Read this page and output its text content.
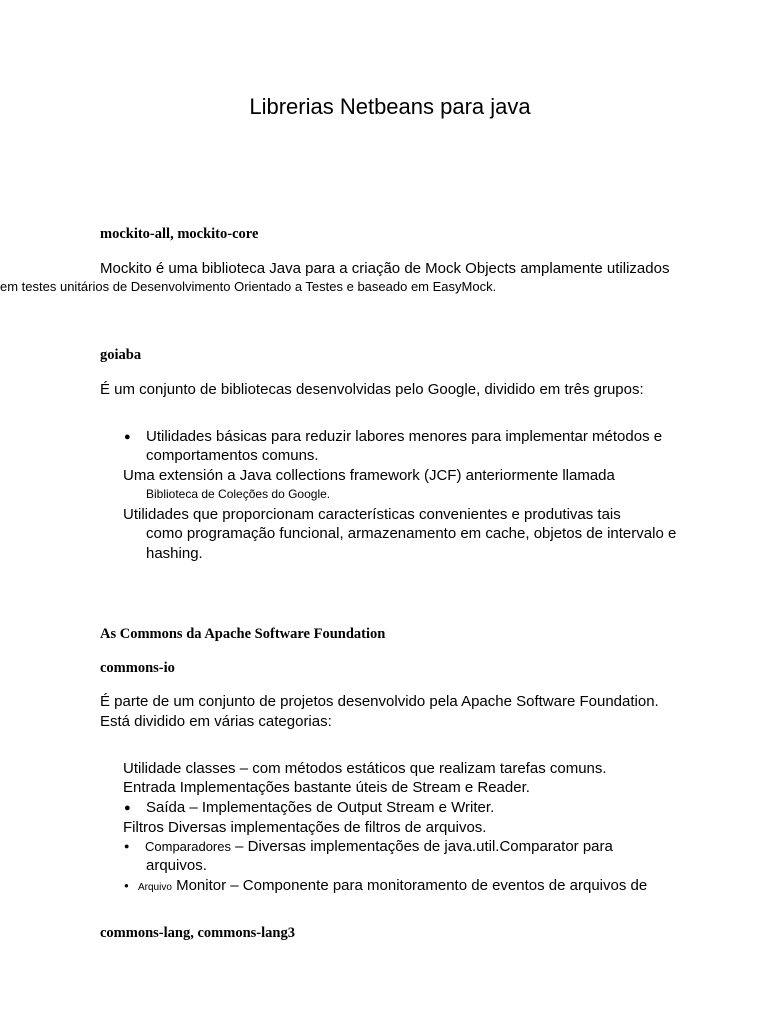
Librerias Netbeans para java
mockito-all, mockito-core
Mockito é uma biblioteca Java para a criação de Mock Objects amplamente utilizados
em testes unitários de Desenvolvimento Orientado a Testes e baseado em EasyMock.
goiaba
É um conjunto de bibliotecas desenvolvidas pelo Google, dividido em três grupos:
● Utilidades básicas para reduzir labores menores para implementar métodos e
comportamentos comuns.
Uma extensión a Java collections framework (JCF) anteriormente llamada
Biblioteca de Coleções do Google.
Utilidades que proporcionam características convenientes e produtivas tais
como programação funcional, armazenamento em cache, objetos de intervalo e
hashing.
As Commons da Apache Software Foundation
commons-io
É parte de um conjunto de projetos desenvolvido pela Apache Software Foundation.
Está dividido em várias categorias:
Utilidade classes – com métodos estáticos que realizam tarefas comuns.
Entrada Implementações bastante úteis de Stream e Reader.
● Saída – Implementações de Output Stream e Writer.
Filtros Diversas implementações de filtros de arquivos.
● Comparadores – Diversas implementações de java.util.Comparator para
arquivos.
● Arquivo Monitor – Componente para monitoramento de eventos de arquivos de
commons-lang, commons-lang3
